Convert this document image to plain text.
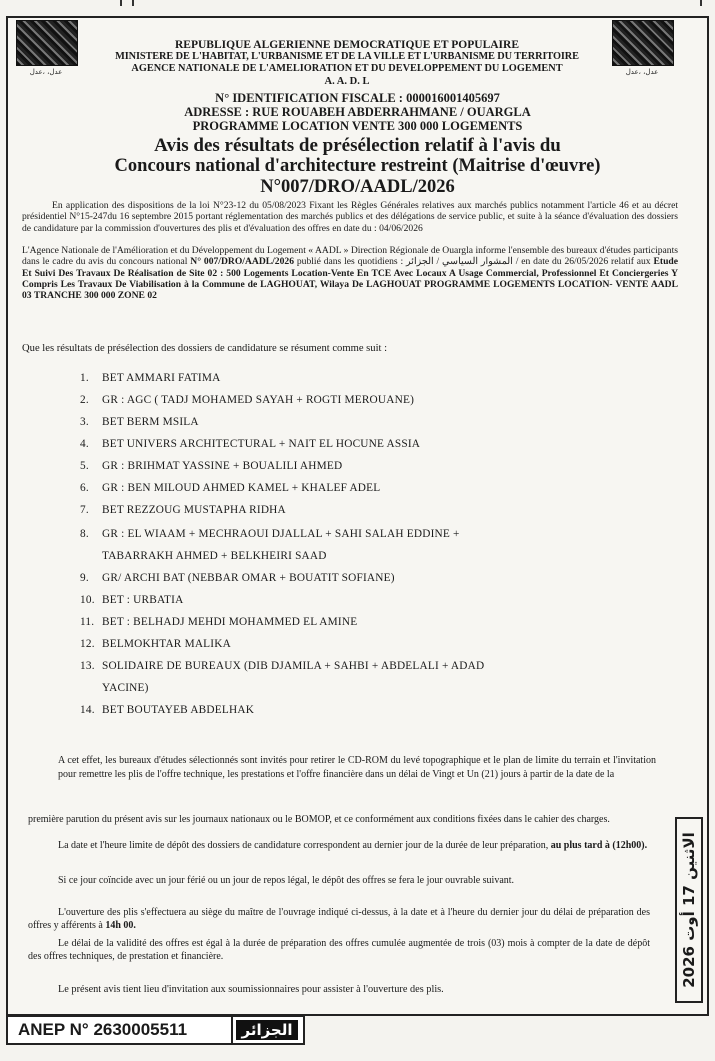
عدل، ،عدل	عدل، ،عدل
REPUBLIQUE ALGERIENNE DEMOCRATIQUE ET POPULAIRE
MINISTERE DE L'HABITAT, L'URBANISME ET DE LA VILLE ET L'URBANISME DU TERRITOIRE
AGENCE NATIONALE DE L'AMELIORATION ET DU DEVELOPPEMENT DU LOGEMENT
A. A. D. L
N° IDENTIFICATION FISCALE : 000016001405697
ADRESSE : RUE ROUABEH ABDERRAHMANE / OUARGLA
PROGRAMME LOCATION VENTE 300 000 LOGEMENTS
Avis des résultats de présélection relatif à l'avis du
Concours national d'architecture restreint (Maitrise d'œuvre)
N°007/DRO/AADL/2026

En application des dispositions de la loi N°23-12 du 05/08/2023 Fixant les Règles Générales relatives aux marchés publics notamment l'article 46 et au décret présidentiel N°15-247du 16 septembre 2015 portant réglementation des marchés publics et des délégations de service public, et suite à la séance d'évaluation des dossiers de candidature par la commission d'ouvertures des plis et d'évaluation des offres en date du : 04/06/2026

L'Agence Nationale de l'Amélioration et du Développement du Logement « AADL » Direction Régionale de Ouargla informe l'ensemble des bureaux d'études participants dans le cadre du avis du concours national N° 007/DRO/AADL/2026 publié dans les quotidiens : المشوار السياسي / الجزائر / en date du 26/05/2026 relatif aux Etude Et Suivi Des Travaux De Réalisation de Site 02 : 500 Logements Location-Vente En TCE Avec Locaux A Usage Commercial, Professionnel Et Conciergeries Y Compris Les Travaux De Viabilisation à la Commune de LAGHOUAT, Wilaya De LAGHOUAT PROGRAMME LOGEMENTS LOCATION- VENTE AADL 03 TRANCHE 300 000 ZONE 02

Que les résultats de présélection des dossiers de candidature se résument comme suit :

1. BET AMMARI FATIMA
2. GR : AGC ( TADJ MOHAMED SAYAH + ROGTI MEROUANE)
3. BET BERM MSILA
4. BET UNIVERS ARCHITECTURAL + NAIT EL HOCUNE ASSIA
5. GR : BRIHMAT YASSINE + BOUALILI AHMED
6. GR : BEN MILOUD AHMED KAMEL + KHALEF ADEL
7. BET REZZOUG MUSTAPHA RIDHA
8. GR : EL WIAAM + MECHRAOUI DJALLAL + SAHI SALAH EDDINE +
9. GR/ ARCHI BAT (NEBBAR OMAR + BOUATIT SOFIANE)
10. BET : URBATIA
11. BET : BELHADJ MEHDI MOHAMMED EL AMINE
12. BELMOKHTAR MALIKA
13. SOLIDAIRE DE BUREAUX (DIB DJAMILA + SAHBI + ABDELALI + ADAD
14. BET BOUTAYEB ABDELHAK
TABARRAKH AHMED + BELKHEIRI SAAD
YACINE)
A cet effet, les bureaux d'études sélectionnés sont invités pour retirer le CD-ROM du levé topographique et le plan de limite du terrain et l'invitation pour remettre les plis de l'offre technique, les prestations et l'offre financière dans un délai de Vingt et Un (21) jours à partir de la date de la
première parution du présent avis sur les journaux nationaux ou le BOMOP, et ce conformément aux conditions fixées dans le cahier des charges.
La date et l'heure limite de dépôt des dossiers de candidature correspondent au dernier jour de la durée de leur préparation, au plus tard à (12h00).
Si ce jour coïncide avec un jour férié ou un jour de repos légal, le dépôt des offres se fera le jour ouvrable suivant.
L'ouverture des plis s'effectuera au siège du maître de l'ouvrage indiqué ci-dessus, à la date et à l'heure du dernier jour du délai de préparation des offres y afférents à 14h 00.
Le délai de la validité des offres est égal à la durée de préparation des offres cumulée augmentée de trois (03) mois à compter de la date de dépôt des offres techniques, de prestation et financière.
Le présent avis tient lieu d'invitation aux soumissionnaires pour assister à l'ouverture des plis.
الاثنين 17 أوت 2026
ANEP N° 2630005511	الجزائر
